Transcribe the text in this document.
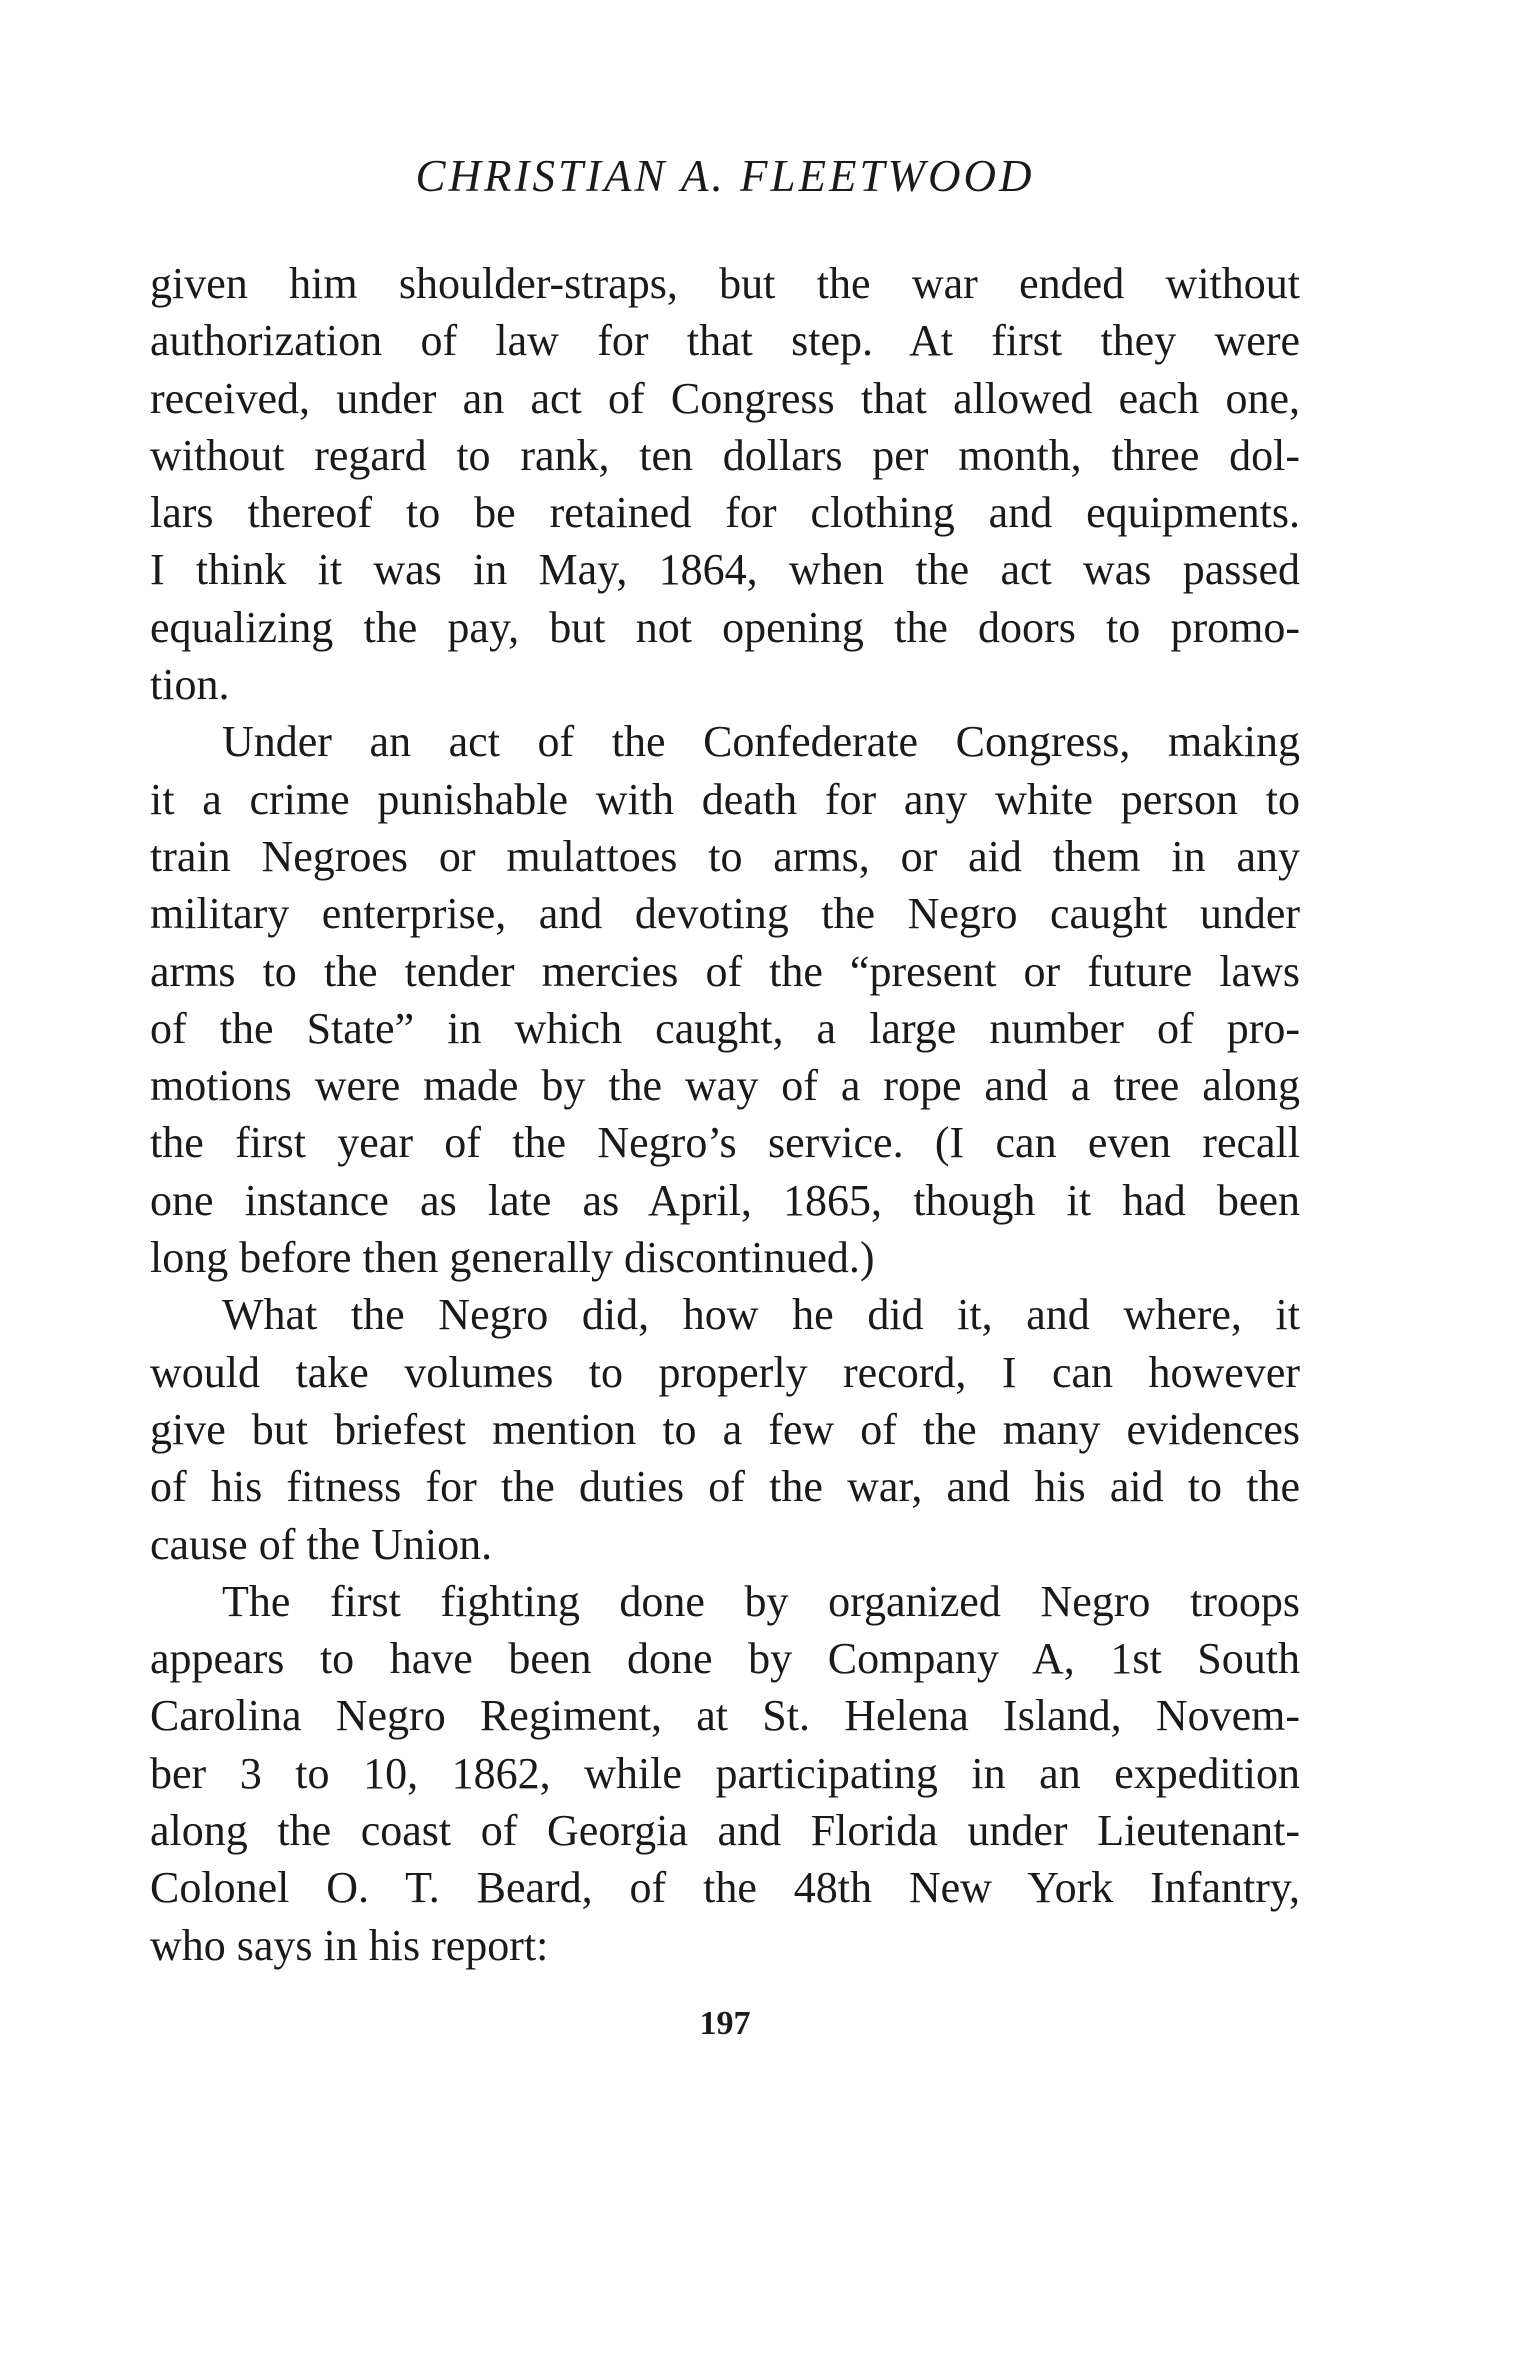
CHRISTIAN A. FLEETWOOD
given him shoulder-straps, but the war ended without
authorization of law for that step. At first they were
received, under an act of Congress that allowed each one,
without regard to rank, ten dollars per month, three dol-
lars thereof to be retained for clothing and equipments.
I think it was in May, 1864, when the act was passed
equalizing the pay, but not opening the doors to promo-
tion.
Under an act of the Confederate Congress, making
it a crime punishable with death for any white person to
train Negroes or mulattoes to arms, or aid them in any
military enterprise, and devoting the Negro caught under
arms to the tender mercies of the “present or future laws
of the State” in which caught, a large number of pro-
motions were made by the way of a rope and a tree along
the first year of the Negro’s service. (I can even recall
one instance as late as April, 1865, though it had been
long before then generally discontinued.)
What the Negro did, how he did it, and where, it
would take volumes to properly record, I can however
give but briefest mention to a few of the many evidences
of his fitness for the duties of the war, and his aid to the
cause of the Union.
The first fighting done by organized Negro troops
appears to have been done by Company A, 1st South
Carolina Negro Regiment, at St. Helena Island, Novem-
ber 3 to 10, 1862, while participating in an expedition
along the coast of Georgia and Florida under Lieutenant-
Colonel O. T. Beard, of the 48th New York Infantry,
who says in his report:
197
